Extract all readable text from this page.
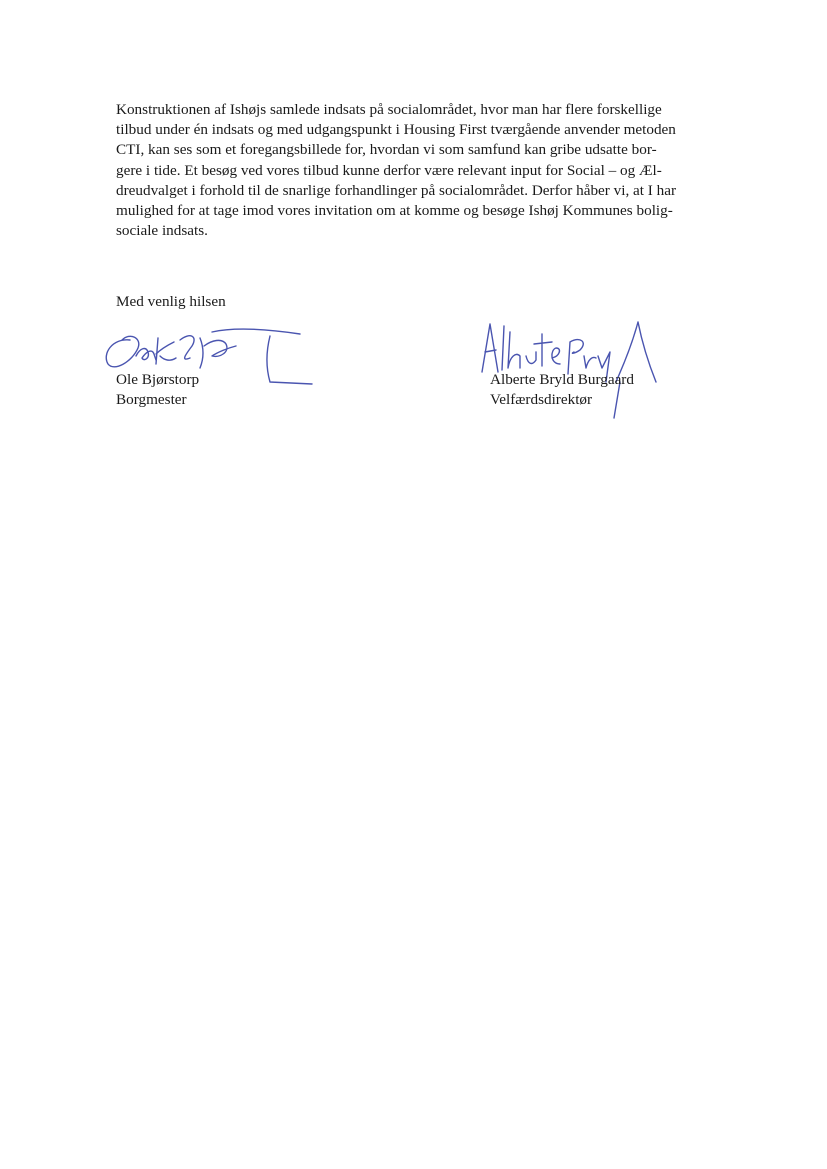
Konstruktionen af Ishøjs samlede indsats på socialområdet, hvor man har flere forskellige
tilbud under én indsats og med udgangspunkt i Housing First tværgående anvender metoden
CTI, kan ses som et foregangsbillede for, hvordan vi som samfund kan gribe udsatte bor-
gere i tide. Et besøg ved vores tilbud kunne derfor være relevant input for Social – og Æl-
dreudvalget i forhold til de snarlige forhandlinger på socialområdet. Derfor håber vi, at I har
mulighed for at tage imod vores invitation om at komme og besøge Ishøj Kommunes bolig-
sociale indsats.

Med venlig hilsen

Ole Bjørstorp
Borgmester
Alberte Bryld Burgaard
Velfærdsdirektør
